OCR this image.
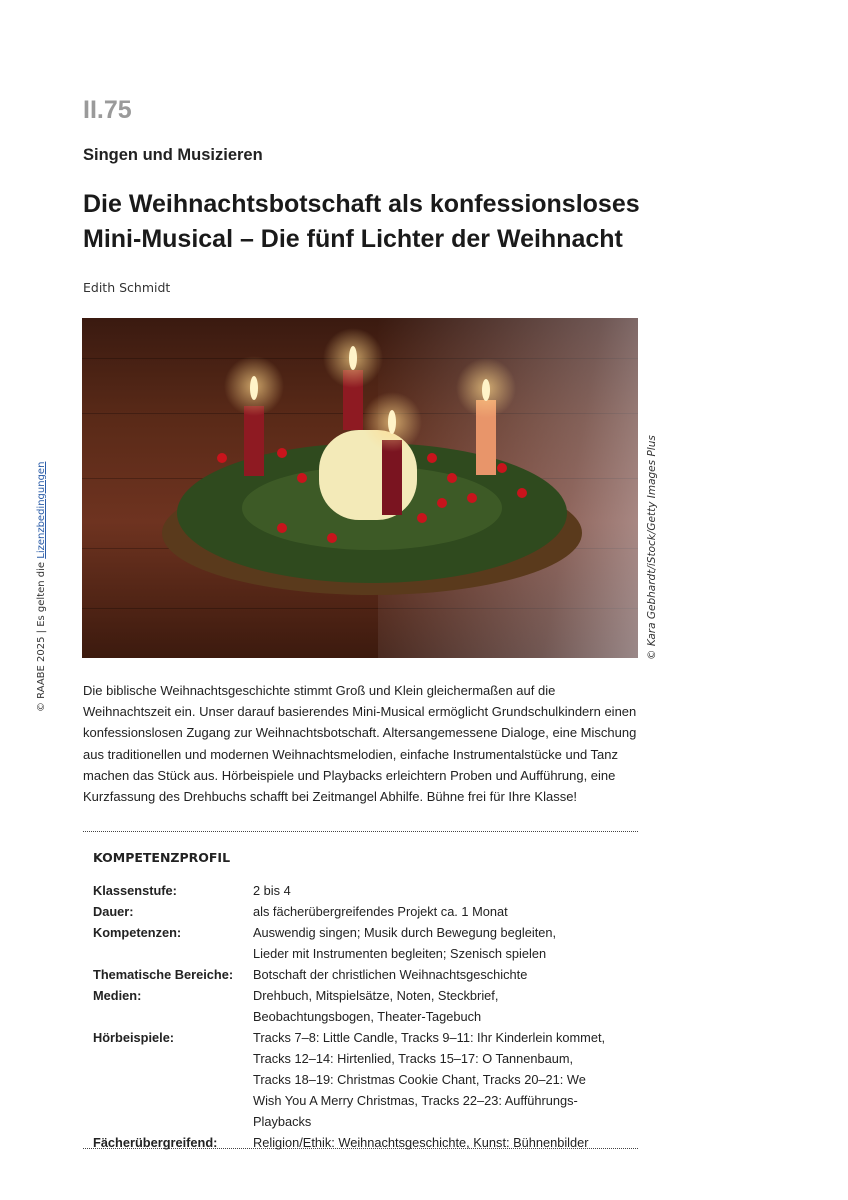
II.75
Singen und Musizieren
Die Weihnachtsbotschaft als konfessionsloses
Mini-Musical – Die fünf Lichter der Weihnacht
Edith Schmidt
© Kara Gebhardt/iStock/Getty Images Plus
© RAABE 2025 | Es gelten die Lizenzbedingungen
Die biblische Weihnachtsgeschichte stimmt Groß und Klein gleichermaßen auf die Weihnachtszeit ein. Unser darauf basierendes Mini-Musical ermöglicht Grundschulkindern einen konfessionslosen Zugang zur Weihnachtsbotschaft. Altersangemessene Dialoge, eine Mischung aus traditionellen und modernen Weihnachtsmelodien, einfache Instrumentalstücke und Tanz machen das Stück aus. Hörbeispiele und Playbacks erleichtern Proben und Aufführung, eine Kurzfassung des Drehbuchs schafft bei Zeitmangel Abhilfe. Bühne frei für Ihre Klasse!
KOMPETENZPROFIL
Klassenstufe:	2 bis 4
Dauer:	als fächerübergreifendes Projekt ca. 1 Monat
Kompetenzen:	Auswendig singen; Musik durch Bewegung begleiten, Lieder mit Instrumenten begleiten; Szenisch spielen
Thematische Bereiche:	Botschaft der christlichen Weihnachtsgeschichte
Medien:	Drehbuch, Mitspielsätze, Noten, Steckbrief, Beobachtungsbogen, Theater-Tagebuch
Hörbeispiele:	Tracks 7–8: Little Candle, Tracks 9–11: Ihr Kinderlein kommet, Tracks 12–14: Hirtenlied, Tracks 15–17: O Tannenbaum, Tracks 18–19: Christmas Cookie Chant, Tracks 20–21: We Wish You A Merry Christmas, Tracks 22–23: Aufführungs-Playbacks
Fächerübergreifend:	Religion/Ethik: Weihnachtsgeschichte, Kunst: Bühnenbilder
